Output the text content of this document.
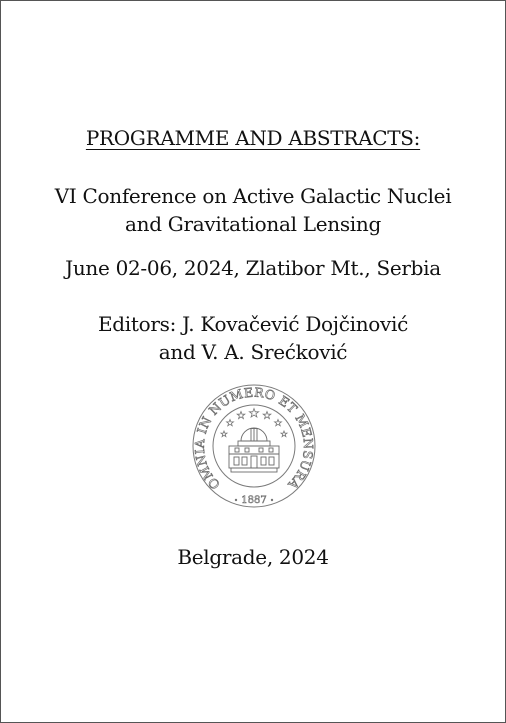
PROGRAMME AND ABSTRACTS:
VI Conference on Active Galactic Nuclei
and Gravitational Lensing
June 02-06, 2024, Zlatibor Mt., Serbia
Editors: J. Kovačević Dojčinović
and V. A. Srećković
OMNIA IN NUMERO ET MENSURA
1887
Belgrade, 2024
